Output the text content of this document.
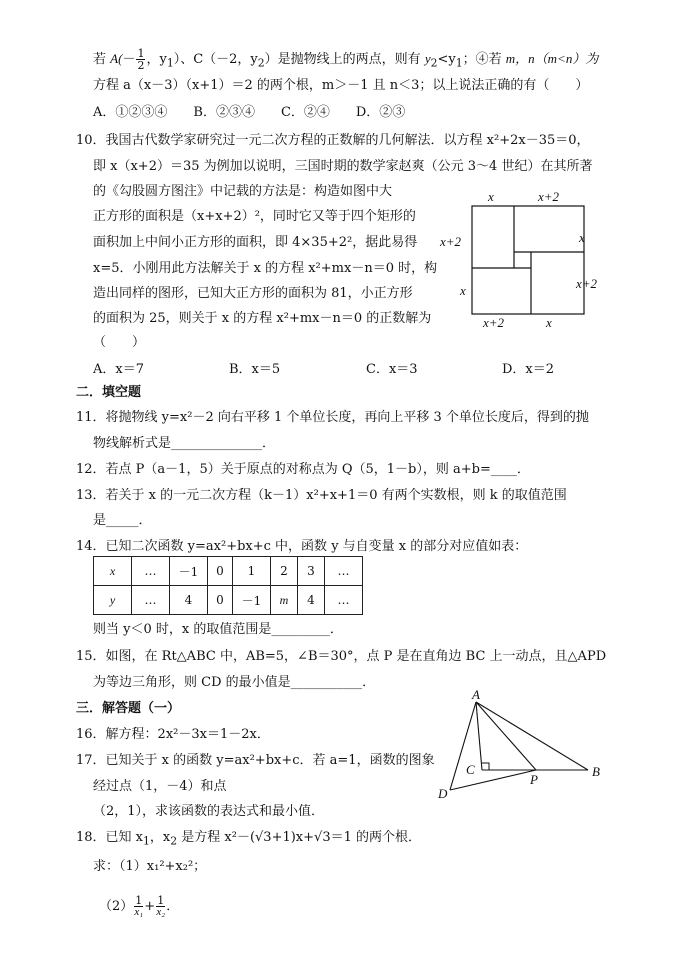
若 $A(- \frac{1}{2}$ ，$y_1$）、C（－2，$y_2$）是抛物线上的两点，则有 $y_2<y_1$；④若 m，n（m<n）为
方程 a（x－3）（x+1）＝2 的两个根，m＞－1 且 n＜3；以上说法正确的有（　　）
A．①②③④　　B．②③④　　C．②④　　D．②③
10．我国古代数学家研究过一元二次方程的正数解的几何解法．以方程 x²+2x－35＝0，
即 x（x+2）＝35 为例加以说明，三国时期的数学家赵爽（公元 3～4 世纪）在其所著
的《勾股圆方图注》中记载的方法是：构造如图中大
正方形的面积是（x+x+2）²，同时它又等于四个矩形的
面积加上中间小正方形的面积，即 4×35+2²，据此易得
x=5．小刚用此方法解关于 x 的方程 x²+mx－n＝0 时，构
造出同样的图形，已知大正方形的面积为 81，小正方形
的面积为 25，则关于 x 的方程 x²+mx－n＝0 的正数解为
（　　）
A．x＝7	B．x＝5	C．x＝3	D．x＝2
x	x+2
x+2	x
x+2
x
x+2	x
二．填空题
11．将抛物线 y=x²－2 向右平移 1 个单位长度，再向上平移 3 个单位长度后，得到的抛
物线解析式是______________．
12．若点 P（a－1，5）关于原点的对称点为 Q（5，1－b），则 a+b=____．
13．若关于 x 的一元二次方程（k－1）x²+x+1＝0 有两个实数根，则 k 的取值范围
是_____．
14．已知二次函数 y=ax²+bx+c 中，函数 y 与自变量 x 的部分对应值如表：
x	…	－1	0	1	2	3	…
y	…	4	0	－1	m	4	…
则当 y＜0 时，x 的取值范围是_________．
15．如图，在 Rt△ABC 中，AB=5，∠B＝30°，点 P 是在直角边 BC 上一动点，且△APD
为等边三角形，则 CD 的最小值是___________．
三．解答题（一）
16．解方程：2x²－3x＝1－2x．
17．已知关于 x 的函数 y=ax²+bx+c．若 a=1，函数的图象
经过点（1，－4）和点
（2，1），求该函数的表达式和最小值．
A
C
P
B
D
18．已知 $x_1$，$x_2$ 是方程 x²－(√3+1)x+√3＝1 的两个根．
求：（1）x₁²+x₂²；
$(2) \frac{1}{\text{x₁}} + \frac{1}{\text{x₂}}$ ．
